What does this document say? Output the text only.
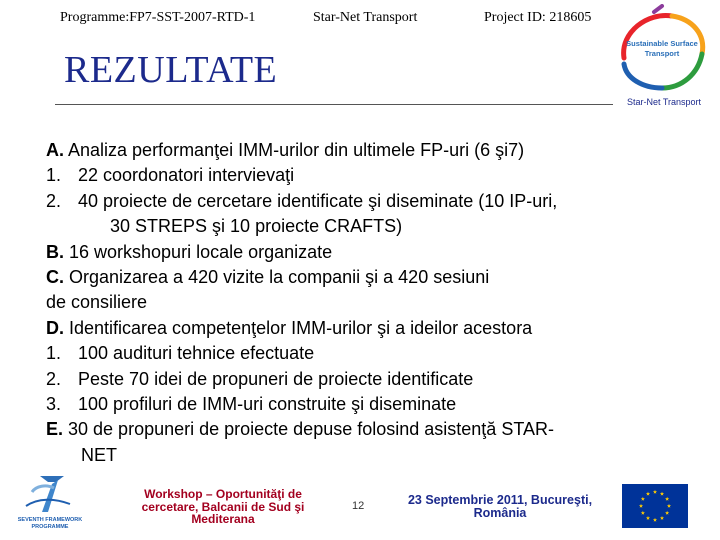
Programme:FP7-SST-2007-RTD-1	Star-Net Transport	Project ID: 218605
Sustainable Surface
Transport
Star-Net Transport
REZULTATE
A. Analiza performanţei IMM-urilor din ultimele FP-uri (6 şi7)
1. 22 coordonatori intervievaţi
2. 40 proiecte de cercetare identificate şi diseminate (10 IP-uri,
30 STREPS şi 10 proiecte CRAFTS)
B. 16 workshopuri locale organizate
C. Organizarea a 420 vizite la companii şi a 420 sesiuni
de consiliere
D. Identificarea competenţelor IMM-urilor şi a ideilor acestora
1. 100 audituri tehnice efectuate
2. Peste 70 idei de propuneri de proiecte identificate
3. 100 profiluri de IMM-uri construite şi diseminate
E. 30 de propuneri de proiecte depuse folosind asistenţă STAR-
NET
SEVENTH FRAMEWORK
PROGRAMME
Workshop – Oportunităţi de
cercetare, Balcanii de Sud şi
Mediterana
12	23 Septembrie 2011, Bucureşti,
România
